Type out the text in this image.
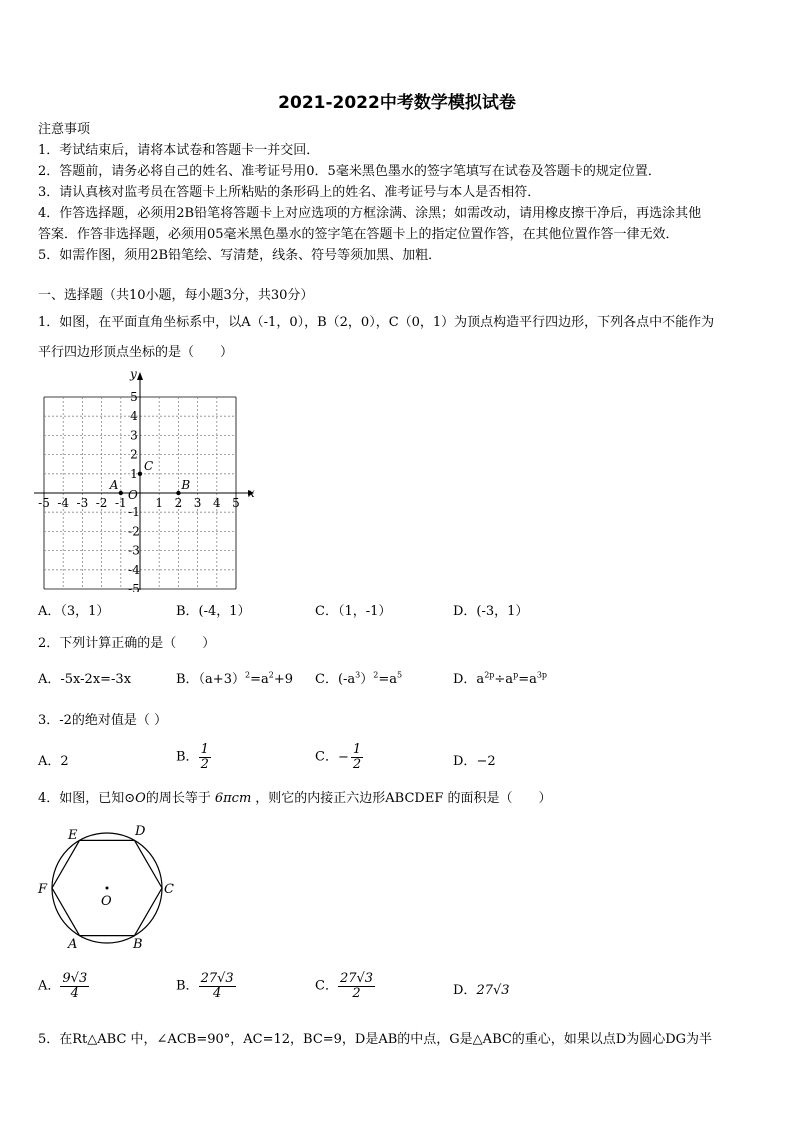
2021-2022中考数学模拟试卷
注意事项
1．考试结束后，请将本试卷和答题卡一并交回．
2．答题前，请务必将自己的姓名、准考证号用0．5毫米黑色墨水的签字笔填写在试卷及答题卡的规定位置．
3．请认真核对监考员在答题卡上所粘贴的条形码上的姓名、准考证号与本人是否相符．
4．作答选择题，必须用2B铅笔将答题卡上对应选项的方框涂满、涂黑；如需改动，请用橡皮擦干净后，再选涂其他
答案．作答非选择题，必须用05毫米黑色墨水的签字笔在答题卡上的指定位置作答，在其他位置作答一律无效．
5．如需作图，须用2B铅笔绘、写清楚，线条、符号等须加黑、加粗．
一、选择题（共10小题，每小题3分，共30分）
1．如图，在平面直角坐标系中，以A（-1，0），B（2，0），C（0，1）为顶点构造平行四边形，下列各点中不能作为
平行四边形顶点坐标的是（　　）
x
y
O
-5 -4 -3 -2 -1 1 2 3 4 5
1
2
3
4
5
-1
-2
-3
-4
-5
A	B
C
A．（3，1）	B．(-4，1）	C．（1，-1）	D．(-3，1）
2．下列计算正确的是（　　）
A．-5x-2x=-3x	B．$(a+3)^2=a^2+9$ C．$(-a^3)^2=a^5$	D．$a^{2p}\div a^p=a^{3p}$
3．-2的绝对值是（ ）
A．2	B． $\frac{1}{2}$	C．− $\frac{1}{2}$	D．−2
4．如图，已知⊙O的周长等于 6πcm ，则它的内接正六边形ABCDEF 的面积是（　　）
O
A	B
C
D
E
F
A． $\frac{9√3}{4}$	B． $\frac{27√3}{4}$	C． $\frac{27√3}{2}$	D．27√3
5．在Rt△ABC 中，∠ACB=90°，AC=12，BC=9，D是AB的中点，G是△ABC的重心，如果以点D为圆心DG为半
